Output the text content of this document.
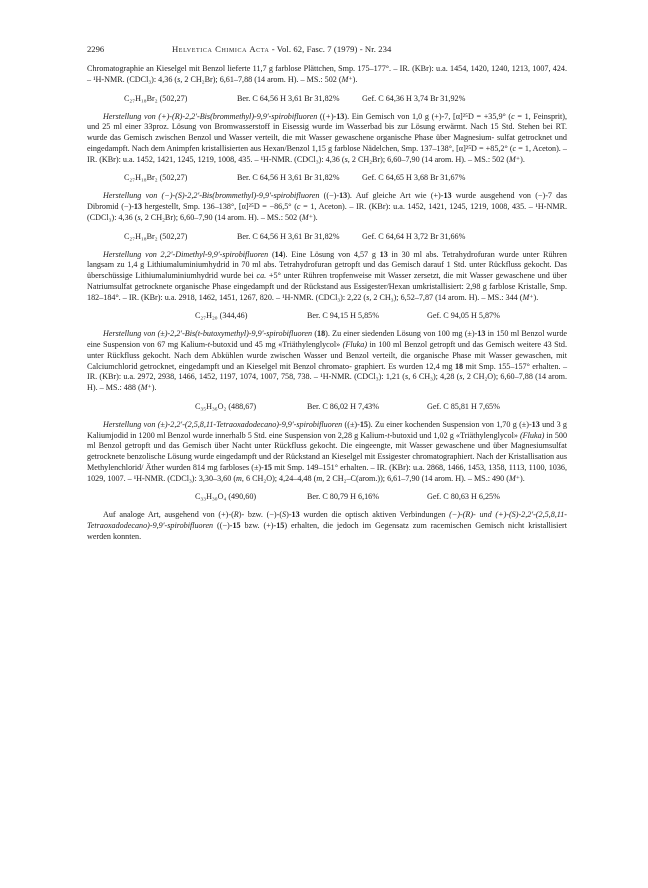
2296	Helvetica Chimica Acta - Vol. 62, Fasc. 7 (1979) - Nr. 234

Chromatographie an Kieselgel mit Benzol lieferte 11,7 g farblose Plättchen, Smp. 175–177°. – IR. (KBr): u.a. 1454, 1420, 1240, 1213, 1007, 424. – ¹H-NMR. (CDCl₃): 4,36 (s, 2 CH₂Br); 6,61–7,88 (14 arom. H). – MS.: 502 (M⁺).

C₂₇H₁₈Br₂ (502,27)	Ber. C 64,56 H 3,61 Br 31,82%	Gef. C 64,36 H 3,74 Br 31,92%

Herstellung von (+)-(R)-2,2′-Bis(brommethyl)-9,9′-spirobifluoren ((+)-13). Ein Gemisch von 1,0 g (+)-7, [α]²⁵D = +35,9° (c = 1, Feinsprit), und 25 ml einer 33proz. Lösung von Bromwasserstoff in Eisessig wurde im Wasserbad bis zur Lösung erwärmt. Nach 15 Std. Stehen bei RT. wurde das Gemisch zwischen Benzol und Wasser verteilt, die mit Wasser gewaschene organische Phase über Magnesium- sulfat getrocknet und eingedampft. Nach dem Animpfen kristallisierten aus Hexan/Benzol 1,15 g farblose Nädelchen, Smp. 137–138°, [α]²⁵D = +85,2° (c = 1, Aceton). – IR. (KBr): u.a. 1452, 1421, 1245, 1219, 1008, 435. – ¹H-NMR. (CDCl₃): 4,36 (s, 2 CH₂Br); 6,60–7,90 (14 arom. H). – MS.: 502 (M⁺).

C₂₇H₁₈Br₂ (502,27)	Ber. C 64,56 H 3,61 Br 31,82%	Gef. C 64,65 H 3,68 Br 31,67%

Herstellung von (−)-(S)-2,2′-Bis(brommethyl)-9,9′-spirobifluoren ((−)-13). Auf gleiche Art wie (+)-13 wurde ausgehend von (−)-7 das Dibromid (−)-13 hergestellt, Smp. 136–138°, [α]²⁵D = −86,5° (c = 1, Aceton). – IR. (KBr): u.a. 1452, 1421, 1245, 1219, 1008, 435. – ¹H-NMR. (CDCl₃): 4,36 (s, 2 CH₂Br); 6,60–7,90 (14 arom. H). – MS.: 502 (M⁺).

C₂₇H₁₈Br₂ (502,27)	Ber. C 64,56 H 3,61 Br 31,82%	Gef. C 64,64 H 3,72 Br 31,66%

Herstellung von 2,2′-Dimethyl-9,9′-spirobifluoren (14). Eine Lösung von 4,57 g 13 in 30 ml abs. Tetrahydrofuran wurde unter Rühren langsam zu 1,4 g Lithiumaluminiumhydrid in 70 ml abs. Tetrahydrofuran getropft und das Gemisch darauf 1 Std. unter Rückfluss gekocht. Das überschüssige Lithiumaluminiumhydrid wurde bei ca. +5° unter Rühren tropfenweise mit Wasser zersetzt, die mit Wasser gewaschene und über Natriumsulfat getrocknete organische Phase eingedampft und der Rückstand aus Essigester/Hexan umkristallisiert: 2,98 g farblose Kristalle, Smp. 182–184°. – IR. (KBr): u.a. 2918, 1462, 1451, 1267, 820. – ¹H-NMR. (CDCl₃): 2,22 (s, 2 CH₃); 6,52–7,87 (14 arom. H). – MS.: 344 (M⁺).

C₂₇H₂₀ (344,46)	Ber. C 94,15 H 5,85%	Gef. C 94,05 H 5,87%

Herstellung von (±)-2,2′-Bis(t-butoxymethyl)-9,9′-spirobifluoren (18). Zu einer siedenden Lösung von 100 mg (±)-13 in 150 ml Benzol wurde eine Suspension von 67 mg Kalium-t-butoxid und 45 mg «Triäthylenglycol» (Fluka) in 100 ml Benzol getropft und das Gemisch weitere 43 Std. unter Rückfluss gekocht. Nach dem Abkühlen wurde zwischen Wasser und Benzol verteilt, die organische Phase mit Wasser gewaschen, mit Calciumchlorid getrocknet, eingedampft und an Kieselgel mit Benzol chromato- graphiert. Es wurden 12,4 mg 18 mit Smp. 155–157° erhalten. – IR. (KBr): u.a. 2972, 2938, 1466, 1452, 1197, 1074, 1007, 758, 738. – ¹H-NMR. (CDCl₃): 1,21 (s, 6 CH₃); 4,28 (s, 2 CH₂O); 6,60–7,88 (14 arom. H). – MS.: 488 (M⁺).

C₃₅H₃₆O₂ (488,67)	Ber. C 86,02 H 7,43%	Gef. C 85,81 H 7,65%

Herstellung von (±)-2,2′-(2,5,8,11-Tetraoxadodecano)-9,9′-spirobifluoren ((±)-15). Zu einer kochenden Suspension von 1,70 g (±)-13 und 3 g Kaliumjodid in 1200 ml Benzol wurde innerhalb 5 Std. eine Suspension von 2,28 g Kalium-t-butoxid und 1,02 g «Triäthylenglycol» (Fluka) in 500 ml Benzol getropft und das Gemisch über Nacht unter Rückfluss gekocht. Die eingeengte, mit Wasser gewaschene und über Magnesiumsulfat getrocknete benzolische Lösung wurde eingedampft und der Rückstand an Kieselgel mit Essigester chromatographiert. Nach der Kristallisation aus Methylenchlorid/ Äther wurden 814 mg farbloses (±)-15 mit Smp. 149–151° erhalten. – IR. (KBr): u.a. 2868, 1466, 1453, 1358, 1113, 1100, 1036, 1029, 1007. – ¹H-NMR. (CDCl₃): 3,30–3,60 (m, 6 CH₂O); 4,24–4,48 (m, 2 CH₂–C(arom.)); 6,61–7,90 (14 arom. H). – MS.: 490 (M⁺).

C₃₃H₃₀O₄ (490,60)	Ber. C 80,79 H 6,16%	Gef. C 80,63 H 6,25%

Auf analoge Art, ausgehend von (+)-(R)- bzw. (−)-(S)-13 wurden die optisch aktiven Verbindungen (−)-(R)- und (+)-(S)-2,2′-(2,5,8,11-Tetraoxadodecano)-9,9′-spirobifluoren ((−)-15 bzw. (+)-15) erhalten, die jedoch im Gegensatz zum racemischen Gemisch nicht kristallisiert werden konnten.
